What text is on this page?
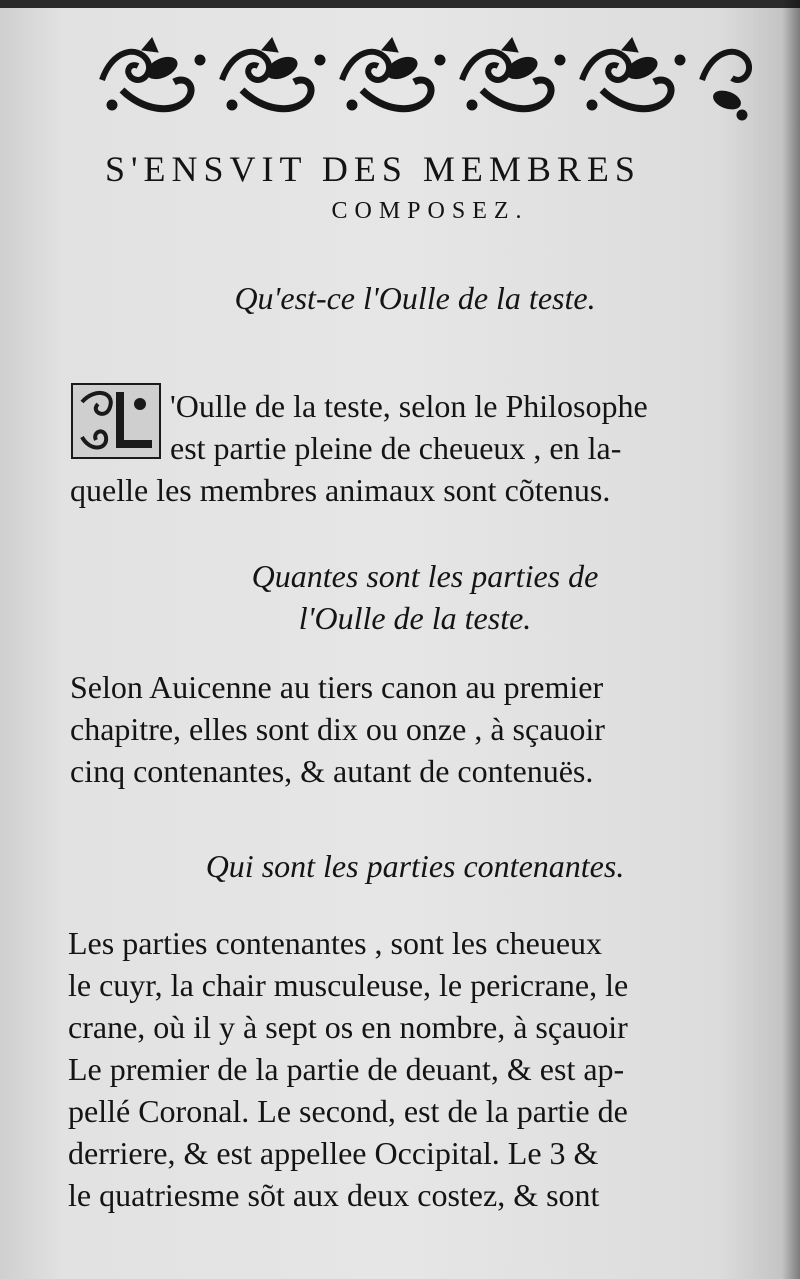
S'ENSVIT DES MEMBRES
COMPOSEZ.
Qu'est-ce l'Oulle de la teste.
'Oulle de la teste, selon le Philosophe
est partie pleine de cheueux , en la-
quelle les membres animaux sont cõtenus.
Quantes sont les parties de
l'Oulle de la teste.
Selon Auicenne au tiers canon au premier
chapitre, elles sont dix ou onze , à sçauoir
cinq contenantes, & autant de contenuës.
Qui sont les parties contenantes.
Les parties contenantes , sont les cheueux
le cuyr, la chair musculeuse, le pericrane, le
crane, où il y à sept os en nombre, à sçauoir
Le premier de la partie de deuant, & est ap-
pellé Coronal. Le second, est de la partie de
derriere, & est appellee Occipital. Le 3 &
le quatriesme sõt aux deux costez, & sont
